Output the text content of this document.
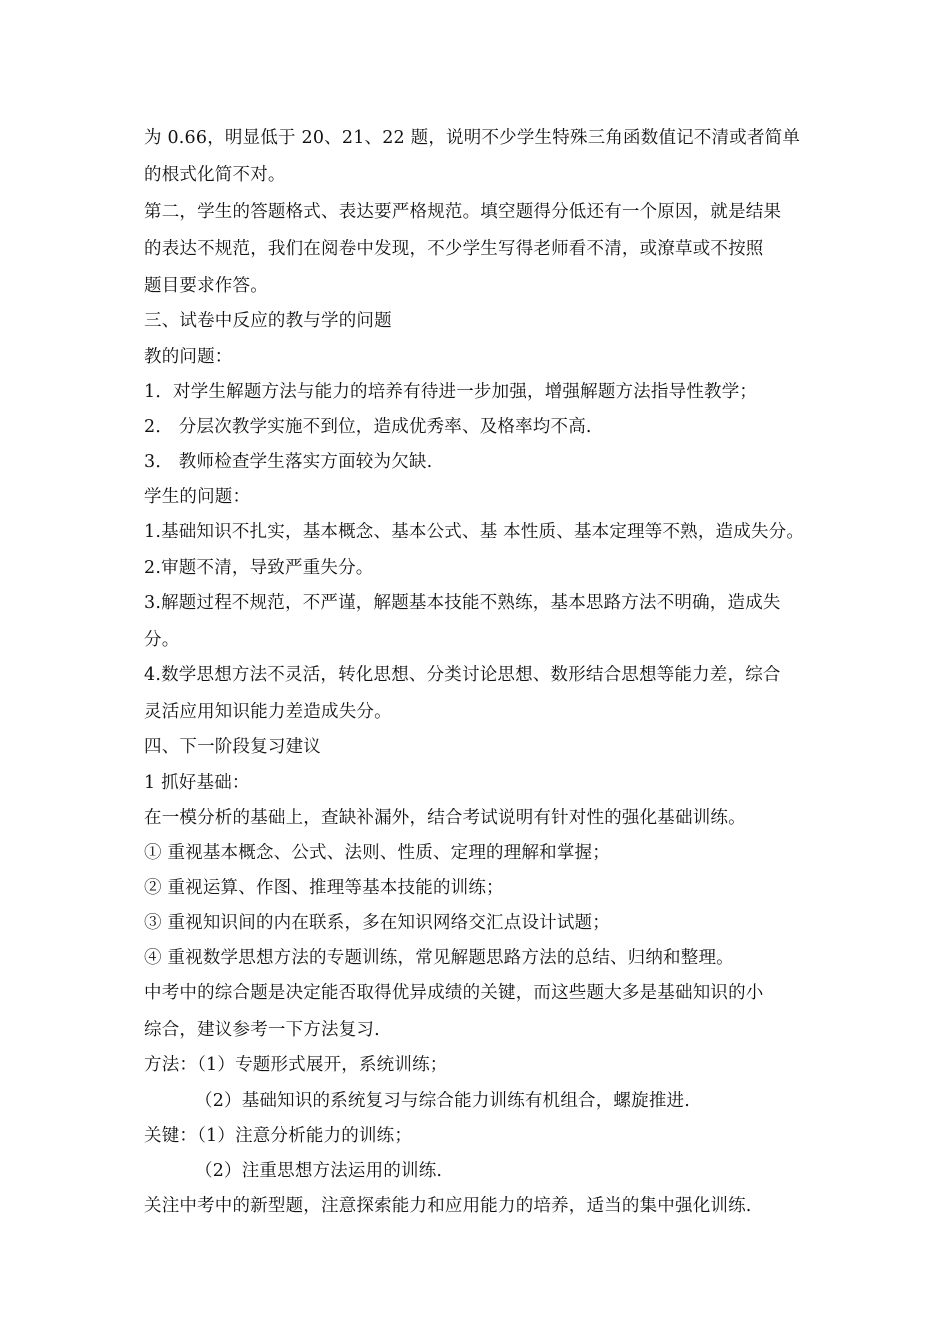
为 0.66，明显低于 20、21、22 题，说明不少学生特殊三角函数值记不清或者简单
的根式化简不对。
第二，学生的答题格式、表达要严格规范。填空题得分低还有一个原因，就是结果
的表达不规范，我们在阅卷中发现，不少学生写得老师看不清，或潦草或不按照
题目要求作答。
三、试卷中反应的教与学的问题
教的问题：
1．对学生解题方法与能力的培养有待进一步加强，增强解题方法指导性教学；
2． 分层次教学实施不到位，造成优秀率、及格率均不高.
3． 教师检查学生落实方面较为欠缺.
学生的问题：
1.基础知识不扎实，基本概念、基本公式、基 本性质、基本定理等不熟，造成失分。
2.审题不清，导致严重失分。
3.解题过程不规范，不严谨，解题基本技能不熟练，基本思路方法不明确，造成失
分。
4.数学思想方法不灵活，转化思想、分类讨论思想、数形结合思想等能力差，综合
灵活应用知识能力差造成失分。
四、下一阶段复习建议
1 抓好基础：
在一模分析的基础上，查缺补漏外，结合考试说明有针对性的强化基础训练。
① 重视基本概念、公式、法则、性质、定理的理解和掌握；
② 重视运算、作图、推理等基本技能的训练；
③ 重视知识间的内在联系，多在知识网络交汇点设计试题；
④ 重视数学思想方法的专题训练，常见解题思路方法的总结、归纳和整理。
中考中的综合题是决定能否取得优异成绩的关键，而这些题大多是基础知识的小
综合，建议参考一下方法复习.
方法：（1）专题形式展开，系统训练；
（2）基础知识的系统复习与综合能力训练有机组合，螺旋推进.
关键：（1）注意分析能力的训练；
（2）注重思想方法运用的训练.
关注中考中的新型题，注意探索能力和应用能力的培养，适当的集中强化训练.
